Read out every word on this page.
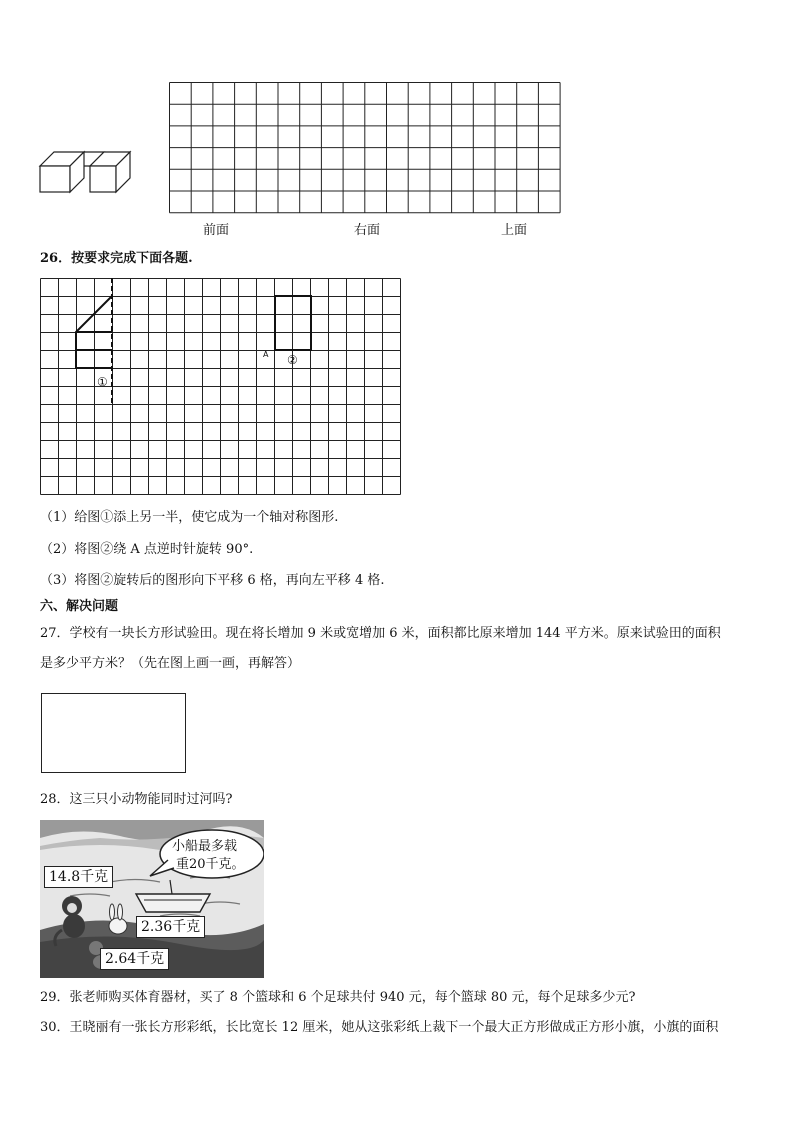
前面	右面	上面
26．按要求完成下面各题.
①
②
A
（1）给图①添上另一半，使它成为一个轴对称图形.
（2）将图②绕 A 点逆时针旋转 90°.
（3）将图②旋转后的图形向下平移 6 格，再向左平移 4 格.
六、解决问题
27．学校有一块长方形试验田。现在将长增加 9 米或宽增加 6 米，面积都比原来增加 144 平方米。原来试验田的面积
是多少平方米？（先在图上画一画，再解答）
28．这三只小动物能同时过河吗?
小船最多载
重20千克。
14.8千克
2.36千克
2.64千克
29．张老师购买体育器材，买了 8 个篮球和 6 个足球共付 940 元，每个篮球 80 元，每个足球多少元?
30．王晓丽有一张长方形彩纸，长比宽长 12 厘米，她从这张彩纸上裁下一个最大正方形做成正方形小旗，小旗的面积
